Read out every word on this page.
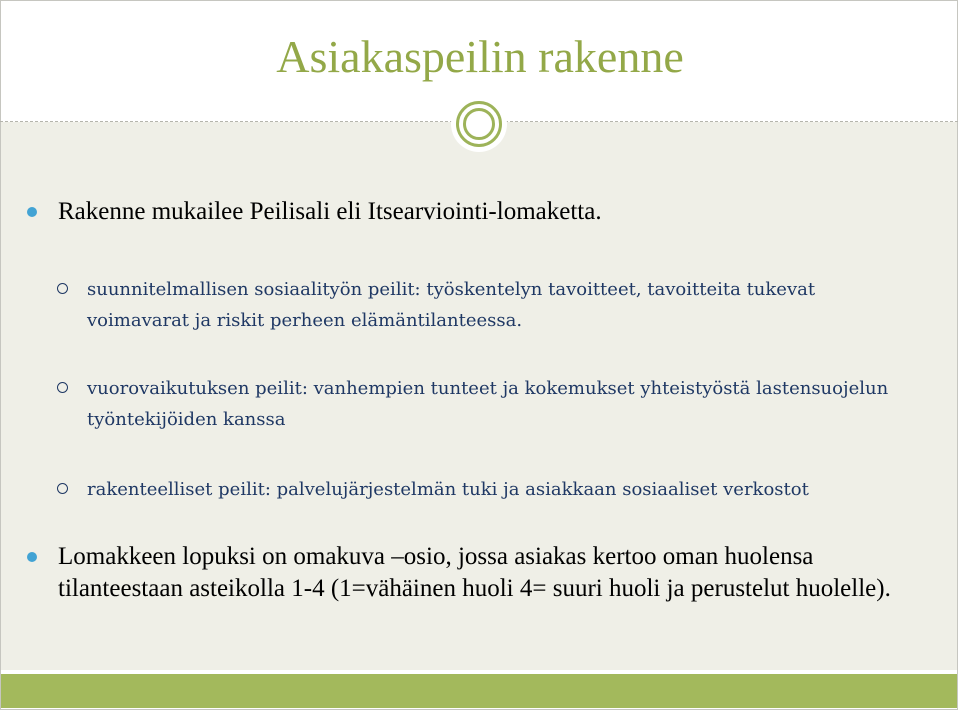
Asiakaspeilin rakenne

Rakenne mukailee Peilisali eli Itsearviointi-lomaketta.

suunnitelmallisen sosiaalityön peilit: työskentelyn tavoitteet, tavoitteita tukevat voimavarat ja riskit perheen elämäntilanteessa.

vuorovaikutuksen peilit: vanhempien tunteet ja kokemukset yhteistyöstä lastensuojelun työntekijöiden kanssa

rakenteelliset peilit: palvelujärjestelmän tuki ja asiakkaan sosiaaliset verkostot

Lomakkeen lopuksi on omakuva –osio, jossa asiakas kertoo oman huolensa tilanteestaan asteikolla 1-4 (1=vähäinen huoli 4= suuri huoli ja perustelut huolelle).
